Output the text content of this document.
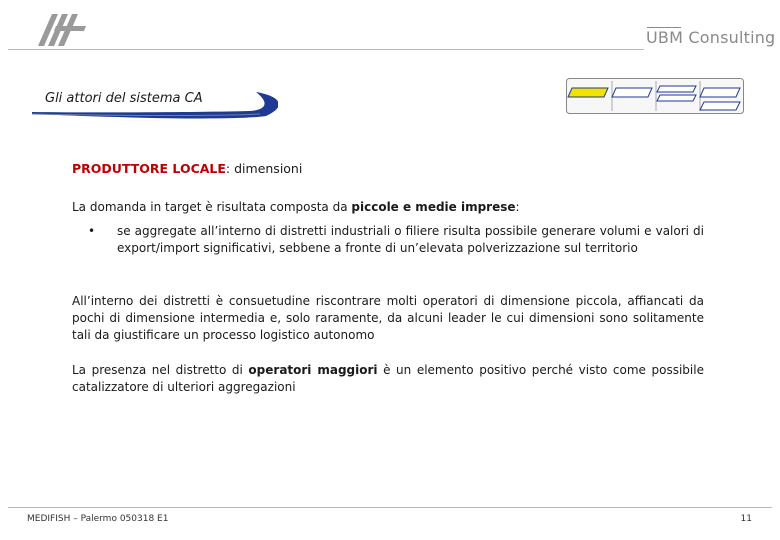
UBM Consulting
Gli attori del sistema CA
PRODUTTORE LOCALE: dimensioni
La domanda in target è risultata composta da piccole e medie imprese:
• se aggregate all’interno di distretti industriali o filiere risulta possibile generare volumi e valori di export/import significativi, sebbene a fronte di un’elevata polverizzazione sul territorio
All’interno dei distretti è consuetudine riscontrare molti operatori di dimensione piccola, affiancati da pochi di dimensione intermedia e, solo raramente, da alcuni leader le cui dimensioni sono solitamente tali da giustificare un processo logistico autonomo
La presenza nel distretto di operatori maggiori è un elemento positivo perché visto come possibile catalizzatore di ulteriori aggregazioni
MEDIFISH – Palermo 050318 E1	11
